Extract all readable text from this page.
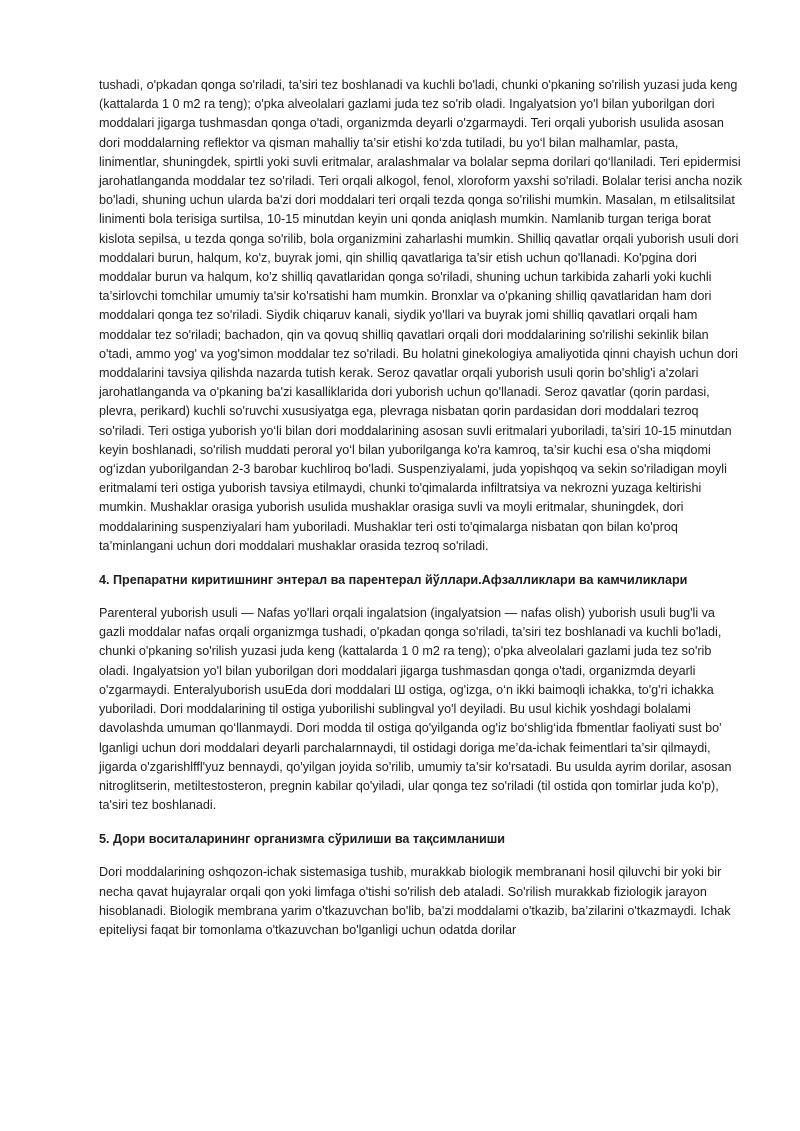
tushadi, o'pkadan qonga so'riladi, ta’siri tez boshlanadi va kuchli bo'ladi, chunki o'pkaning so'rilish yuzasi juda keng (kattalarda 1 0 m2 ra teng); o'pka alveolalari gazlami juda tez so'rib oladi. Ingalyatsion yo'l bilan yuborilgan dori moddalari jigarga tushmasdan qonga o'tadi, organizmda deyarli o'zgarmaydi. Teri orqali yuborish usulida asosan dori moddalarning reflektor va qisman mahalliy ta’sir etishi ko‘zda tutiladi, bu yo‘l bilan malhamlar, pasta, linimentlar, shuningdek, spirtli yoki suvli eritmalar, aralashmalar va bolalar sepma dorilari qo‘llaniladi. Teri epidermisi jarohatlanganda moddalar tez so'riladi. Teri orqali alkogol, fenol, xloroform yaxshi so'riladi. Bolalar terisi ancha nozik bo'ladi, shuning uchun ularda ba'zi dori moddalari teri orqali tezda qonga so'rilishi mumkin. Masalan, m etilsalitsilat linimenti bola terisiga surtilsa, 10-15 minutdan keyin uni qonda aniqlash mumkin. Namlanib turgan teriga borat kislota sepilsa, u tezda qonga so'rilib, bola organizmini zaharlashi mumkin. Shilliq qavatlar orqali yuborish usuli dori moddalari burun, halqum, ko'z, buyrak jomi, qin shilliq qavatlariga ta’sir etish uchun qo'llanadi. Ko'pgina dori moddalar burun va halqum, ko'z shilliq qavatlaridan qonga so'riladi, shuning uchun tarkibida zaharli yoki kuchli ta’sirlovchi tomchilar umumiy ta'sir ko'rsatishi ham mumkin. Bronxlar va o'pkaning shilliq qavatlaridan ham dori moddalari qonga tez so'riladi. Siydik chiqaruv kanali, siydik yo'llari va buyrak jomi shilliq qavatlari orqali ham moddalar tez so'riladi; bachadon, qin va qovuq shilliq qavatlari orqali dori moddalarining so'rilishi sekinlik bilan o'tadi, ammo yog' va yog'simon moddalar tez so'riladi. Bu holatni ginekologiya amaliyotida qinni chayish uchun dori moddalarini tavsiya qilishda nazarda tutish kerak. Seroz qavatlar orqali yuborish usuli qorin bo'shlig'i a'zolari jarohatlanganda va o'pkaning ba'zi kasalliklarida dori yuborish uchun qo'llanadi. Seroz qavatlar (qorin pardasi, plevra, perikard) kuchli so'ruvchi xususiyatga ega, plevraga nisbatan qorin pardasidan dori moddalari tezroq so'riladi. Teri ostiga yuborish yo‘li bilan dori moddalarining asosan suvli eritmalari yuboriladi, ta’siri 10-15 minutdan keyin boshlanadi, so'rilish muddati peroral yo‘l bilan yuborilganga ko'ra kamroq, ta’sir kuchi esa o'sha miqdomi og‘izdan yuborilgandan 2-3 barobar kuchliroq bo'ladi. Suspenziyalami, juda yopishqoq va sekin so'riladigan moyli eritmalami teri ostiga yuborish tavsiya etilmaydi, chunki to'qimalarda infiltratsiya va nekrozni yuzaga keltirishi mumkin. Mushaklar orasiga yuborish usulida mushaklar orasiga suvli va moyli eritmalar, shuningdek, dori moddalarining suspenziyalari ham yuboriladi. Mushaklar teri osti to'qimalarga nisbatan qon bilan ko'proq ta’minlangani uchun dori moddalari mushaklar orasida tezroq so'riladi.

4. Препаратни киритишнинг энтерал ва парентерал йўллари.Афзалликлари ва камчиликлари

Parenteral yuborish usuli — Nafas yo'llari orqali ingalatsion (ingalyatsion — nafas olish) yuborish usuli bug'li va gazli moddalar nafas orqali organizmga tushadi, o'pkadan qonga so'riladi, ta’siri tez boshlanadi va kuchli bo'ladi, chunki o'pkaning so'rilish yuzasi juda keng (kattalarda 1 0 m2 ra teng); o'pka alveolalari gazlami juda tez so'rib oladi. Ingalyatsion yo'l bilan yuborilgan dori moddalari jigarga tushmasdan qonga o'tadi, organizmda deyarli o'zgarmaydi. Enteralyuborish usuEda dori moddalari Ш ostiga, og'izga, o‘n ikki baimoqli ichakka, to'g'ri ichakka yuboriladi. Dori moddalarining til ostiga yuborilishi sublingval yo'l deyiladi. Bu usul kichik yoshdagi bolalami davolashda umuman qo‘llanmaydi. Dori modda til ostiga qo'yilganda og'iz bo‘shlig‘ida fbmentlar faoliyati sust bo' lganligi uchun dori moddalari deyarli parchalarnnaydi, til ostidagi doriga me’da-ichak feimentlari ta’sir qilmaydi, jigarda o'zgarishlffl'yuz bennaydi, qo'yilgan joyida so'rilib, umumiy ta’sir ko'rsatadi. Bu usulda ayrim dorilar, asosan nitroglitserin, metiltestosteron, pregnin kabilar qo'yiladi, ular qonga tez so'riladi (til ostida qon tomirlar juda ko'p), ta'siri tez boshlanadi.

5. Дори воситаларининг организмга сўрилиши ва тақсимланиши

Dori moddalarining oshqozon-ichak sistemasiga tushib, murakkab biologik membranani hosil qiluvchi bir yoki bir necha qavat hujayralar orqali qon yoki limfaga o'tishi so'rilish deb ataladi. So'rilish murakkab fiziologik jarayon hisoblanadi. Biologik membrana yarim o'tkazuvchan bo'lib, ba'zi moddalami o'tkazib, ba’zilarini o'tkazmaydi. Ichak epiteliysi faqat bir tomonlama o'tkazuvchan bo'lganligi uchun odatda dorilar
